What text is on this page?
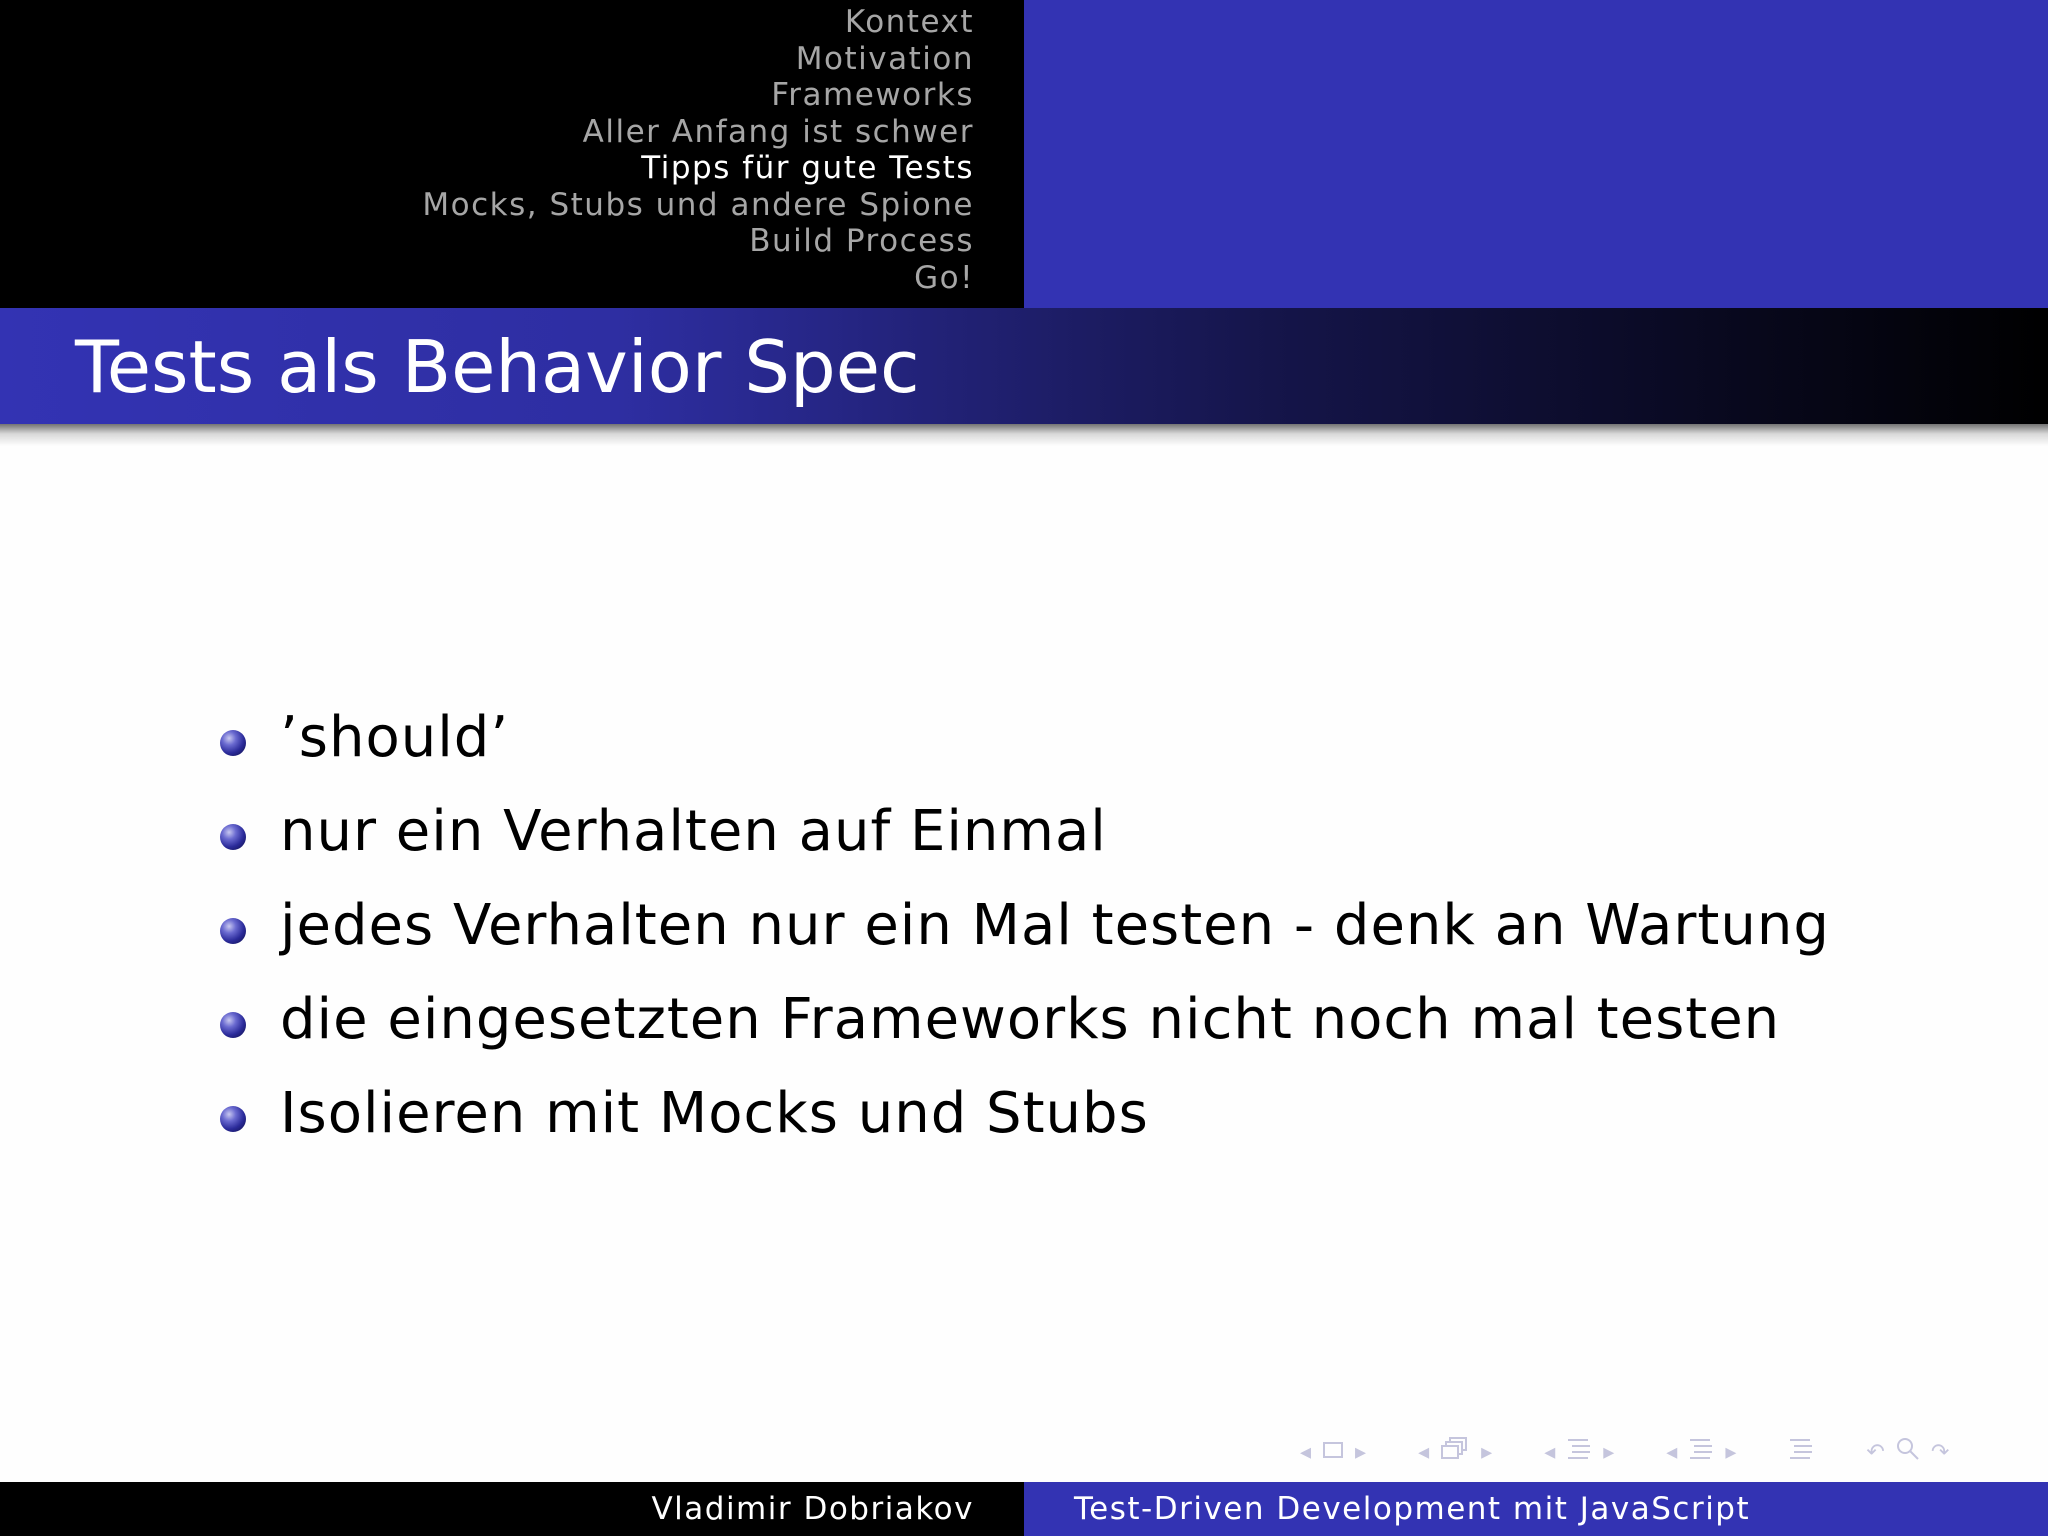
Kontext
Motivation
Frameworks
Aller Anfang ist schwer
Tipps für gute Tests
Mocks, Stubs und andere Spione
Build Process
Go!
Tests als Behavior Spec
’should’
nur ein Verhalten auf Einmal
jedes Verhalten nur ein Mal testen - denk an Wartung
die eingesetzten Frameworks nicht noch mal testen
Isolieren mit Mocks und Stubs
◂ ▸ ◂ ▸ ◂ ▸ ◂ ▸	↶ ↷
Vladimir Dobriakov	Test-Driven Development mit JavaScript
